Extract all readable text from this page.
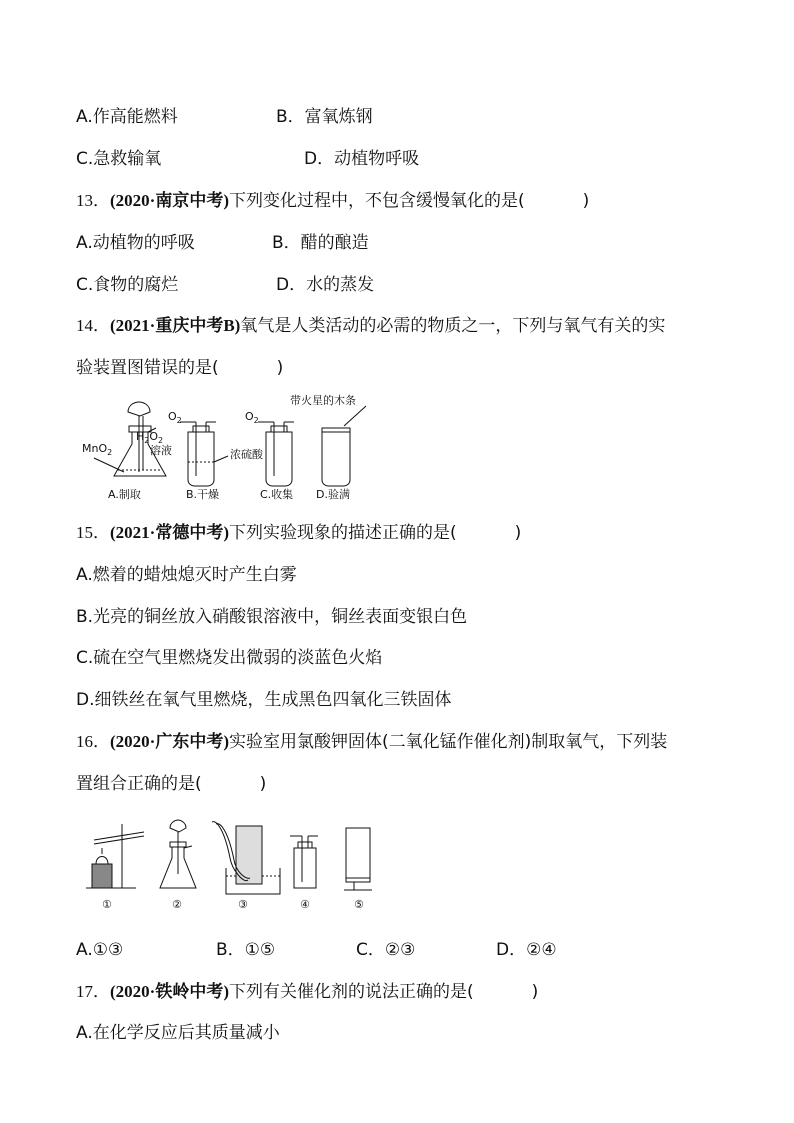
A.作高能燃料	B．富氧炼钢
C.急救输氧	D．动植物呼吸
13．(2020·南京中考)下列变化过程中，不包含缓慢氧化的是(	)
A.动植物的呼吸	B．醋的酿造
C.食物的腐烂	D．水的蒸发
14．(2021·重庆中考B)氧气是人类活动的必需的物质之一，下列与氧气有关的实
验装置图错误的是(	)
MnO$_2$
$H_2O_2$
溶液
$O_2$
浓硫酸
$O_2$
带火星的木条
A.制取	B.干燥	C.收集 D.验满
15．(2021·常德中考)下列实验现象的描述正确的是(	)
A.燃着的蜡烛熄灭时产生白雾
B.光亮的铜丝放入硝酸银溶液中，铜丝表面变银白色
C.硫在空气里燃烧发出微弱的淡蓝色火焰
D.细铁丝在氧气里燃烧，生成黑色四氧化三铁固体
16．(2020·广东中考)实验室用氯酸钾固体(二氧化锰作催化剂)制取氧气，下列装
置组合正确的是(	)
①	②	③	④	⑤
A.①③	B．①⑤	C．②③	D．②④
17．(2020·铁岭中考)下列有关催化剂的说法正确的是(	)
A.在化学反应后其质量减小
